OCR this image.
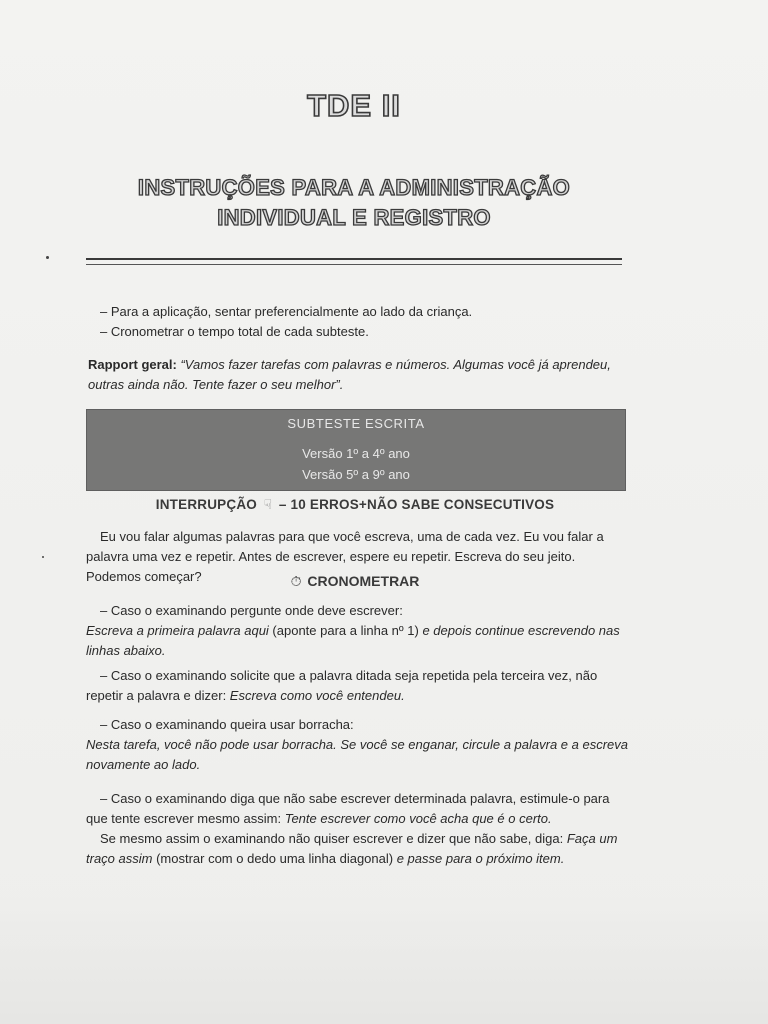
TDE II
INSTRUÇÕES PARA A ADMINISTRAÇÃO
INDIVIDUAL E REGISTRO
– Para a aplicação, sentar preferencialmente ao lado da criança.
– Cronometrar o tempo total de cada subteste.
Rapport geral: “Vamos fazer tarefas com palavras e números. Algumas você já aprendeu, outras ainda não. Tente fazer o seu melhor”.
SUBTESTE ESCRITA
Versão 1º a 4º ano
Versão 5º a 9º ano
INTERRUPÇÃO ☟ – 10 ERROS+NÃO SABE CONSECUTIVOS
Eu vou falar algumas palavras para que você escreva, uma de cada vez. Eu vou falar a palavra uma vez e repetir. Antes de escrever, espere eu repetir. Escreva do seu jeito. Podemos começar?	⏱ CRONOMETRAR
– Caso o examinando pergunte onde deve escrever:
Escreva a primeira palavra aqui (aponte para a linha nº 1) e depois continue escrevendo nas linhas abaixo.
– Caso o examinando solicite que a palavra ditada seja repetida pela terceira vez, não repetir a palavra e dizer: Escreva como você entendeu.
– Caso o examinando queira usar borracha:
Nesta tarefa, você não pode usar borracha. Se você se enganar, circule a palavra e a escreva novamente ao lado.
– Caso o examinando diga que não sabe escrever determinada palavra, estimule-o para que tente escrever mesmo assim: Tente escrever como você acha que é o certo.
Se mesmo assim o examinando não quiser escrever e dizer que não sabe, diga: Faça um traço assim (mostrar com o dedo uma linha diagonal) e passe para o próximo item.
